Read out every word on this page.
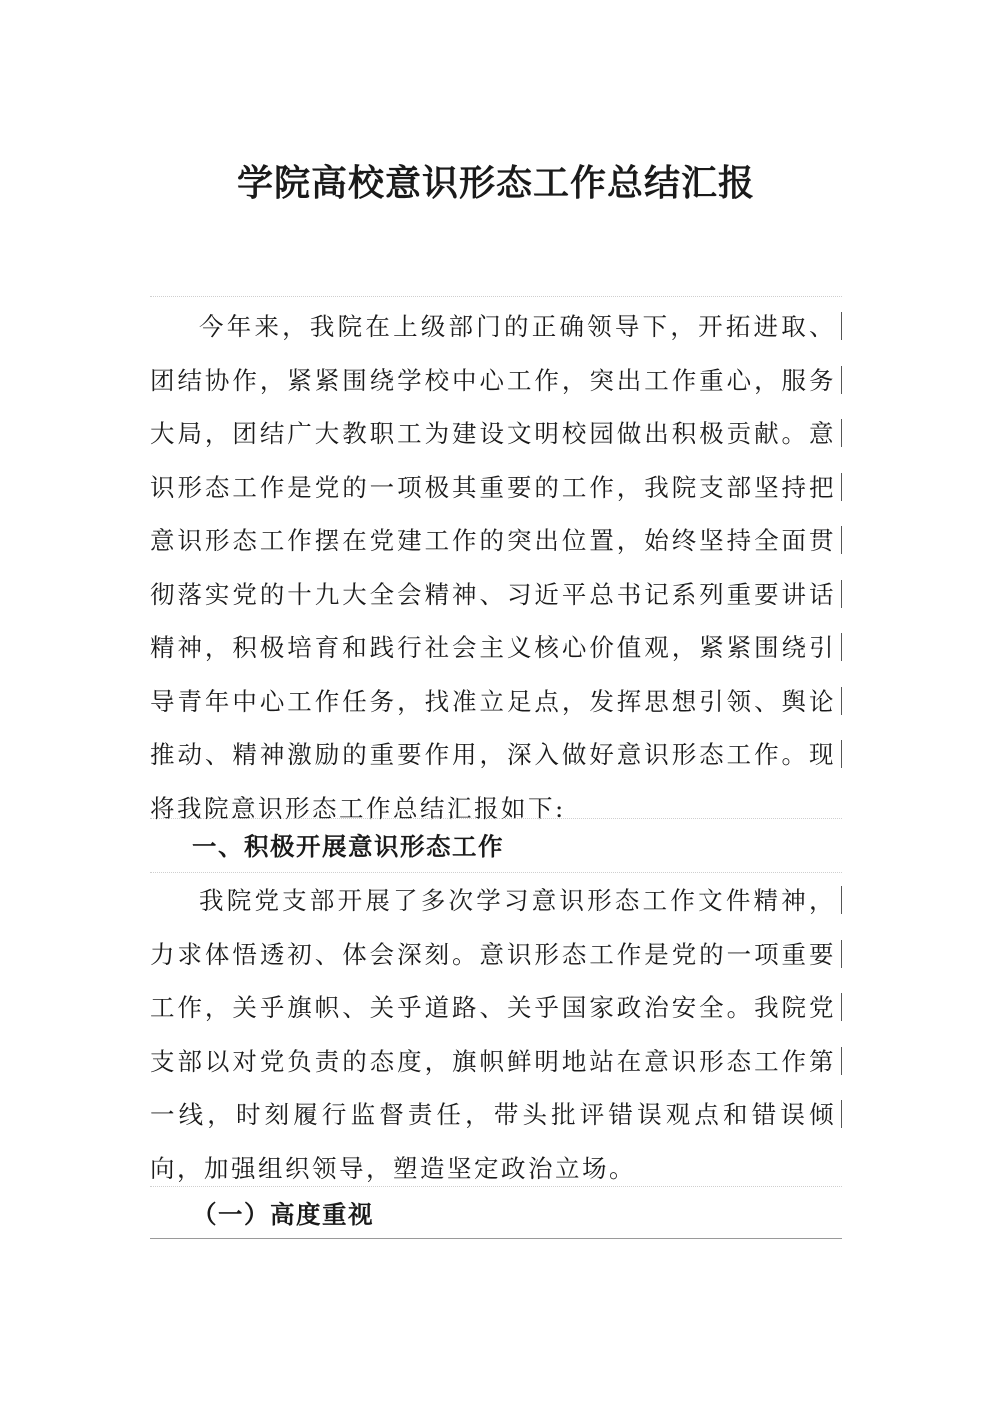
学院高校意识形态工作总结汇报

今年来，我院在上级部门的正确领导下，开拓进取、团结协作，紧紧围绕学校中心工作，突出工作重心，服务大局，团结广大教职工为建设文明校园做出积极贡献。意识形态工作是党的一项极其重要的工作，我院支部坚持把意识形态工作摆在党建工作的突出位置，始终坚持全面贯彻落实党的十九大全会精神、习近平总书记系列重要讲话精神，积极培育和践行社会主义核心价值观，紧紧围绕引导青年中心工作任务，找准立足点，发挥思想引领、舆论推动、精神激励的重要作用，深入做好意识形态工作。现将我院意识形态工作总结汇报如下:

一、积极开展意识形态工作

我院党支部开展了多次学习意识形态工作文件精神，力求体悟透初、体会深刻。意识形态工作是党的一项重要工作，关乎旗帜、关乎道路、关乎国家政治安全。我院党支部以对党负责的态度，旗帜鲜明地站在意识形态工作第一线，时刻履行监督责任，带头批评错误观点和错误倾向，加强组织领导，塑造坚定政治立场。

（一）高度重视
